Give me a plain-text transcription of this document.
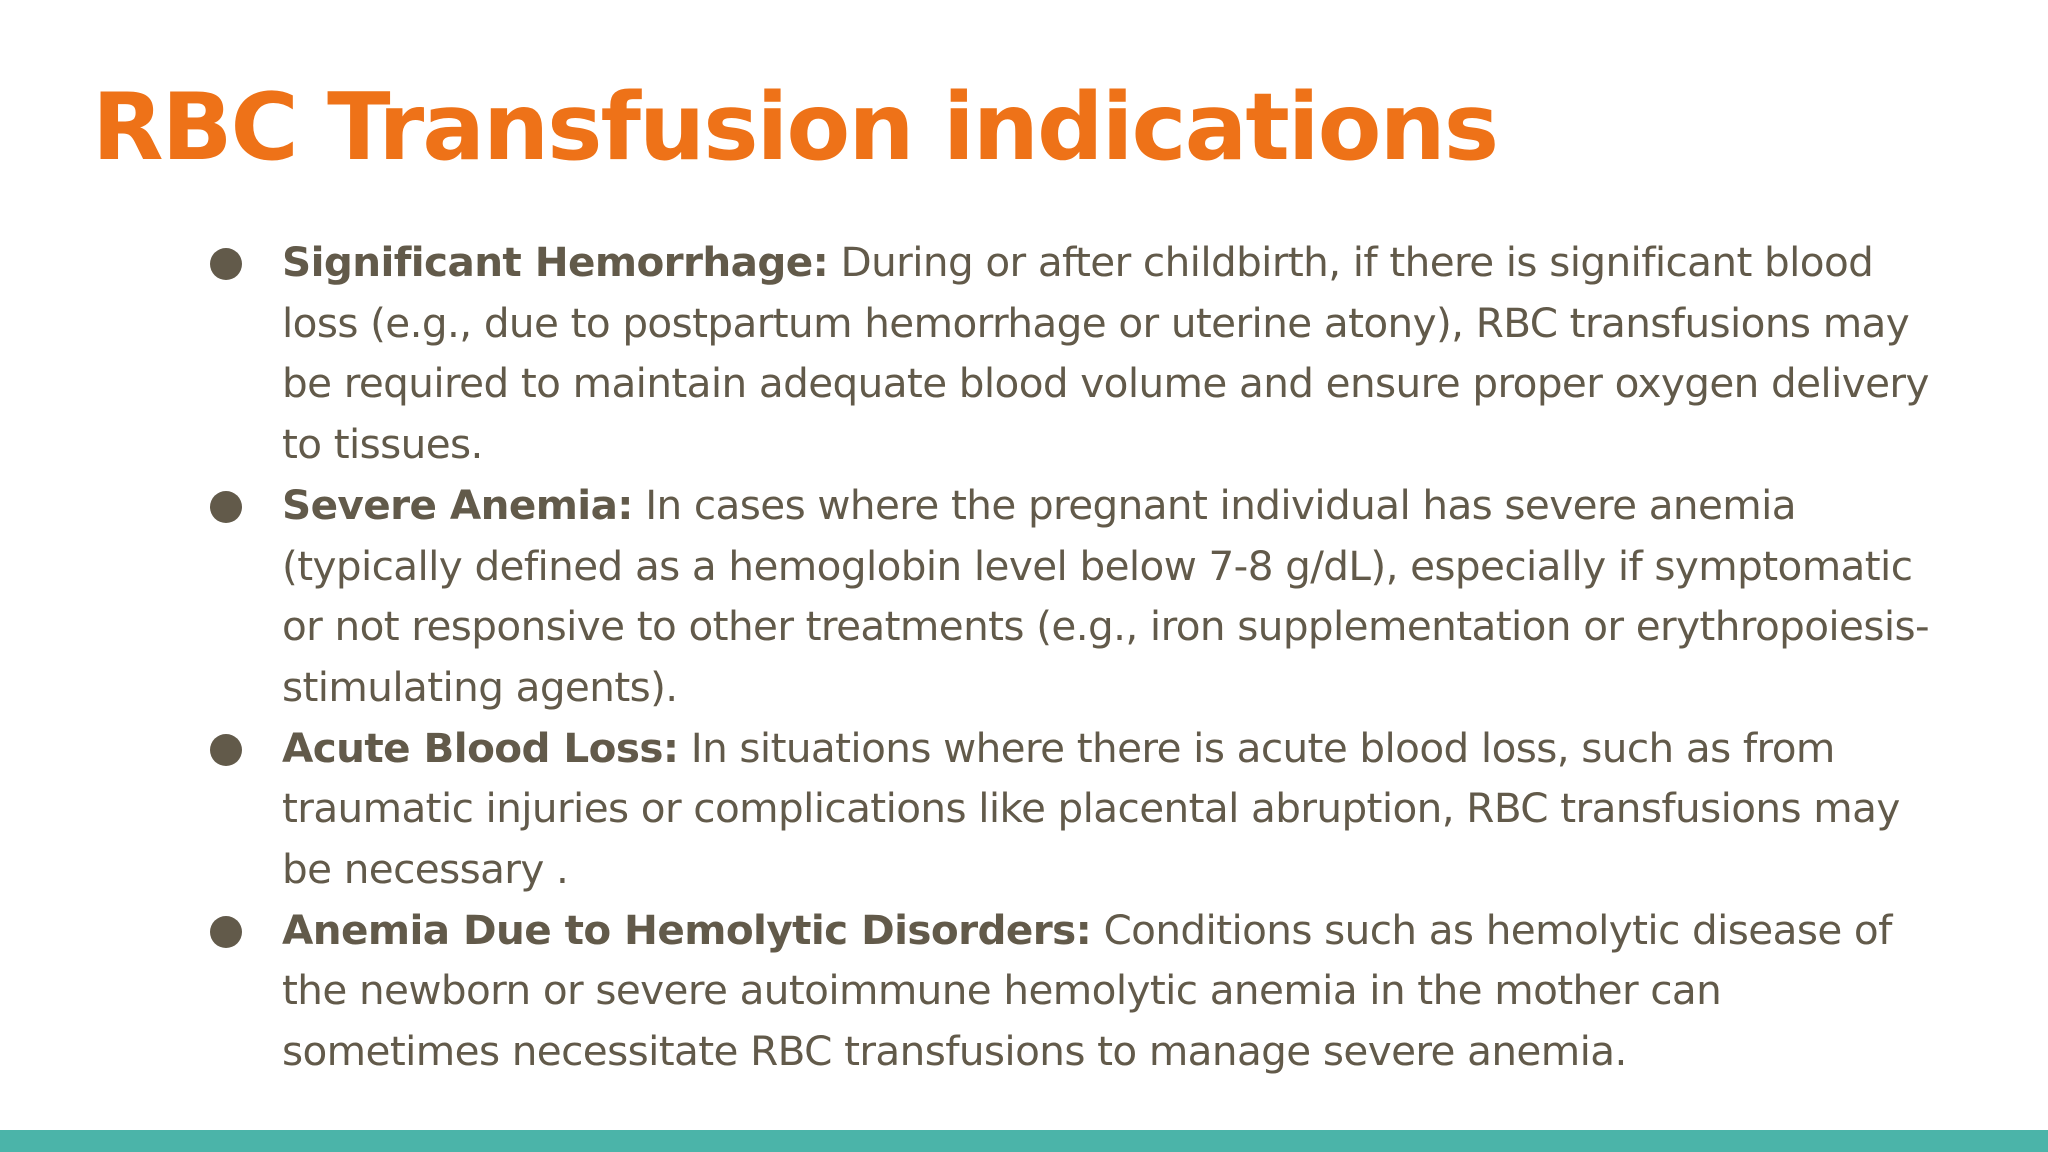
RBC Transfusion indications
Significant Hemorrhage: During or after childbirth, if there is significant blood loss (e.g., due to postpartum hemorrhage or uterine atony), RBC transfusions may be required to maintain adequate blood volume and ensure proper oxygen delivery to tissues.
Severe Anemia: In cases where the pregnant individual has severe anemia (typically defined as a hemoglobin level below 7-8 g/dL), especially if symptomatic or not responsive to other treatments (e.g., iron supplementation or erythropoiesis-stimulating agents).
Acute Blood Loss: In situations where there is acute blood loss, such as from traumatic injuries or complications like placental abruption, RBC transfusions may be necessary .
Anemia Due to Hemolytic Disorders: Conditions such as hemolytic disease of the newborn or severe autoimmune hemolytic anemia in the mother can sometimes necessitate RBC transfusions to manage severe anemia.
